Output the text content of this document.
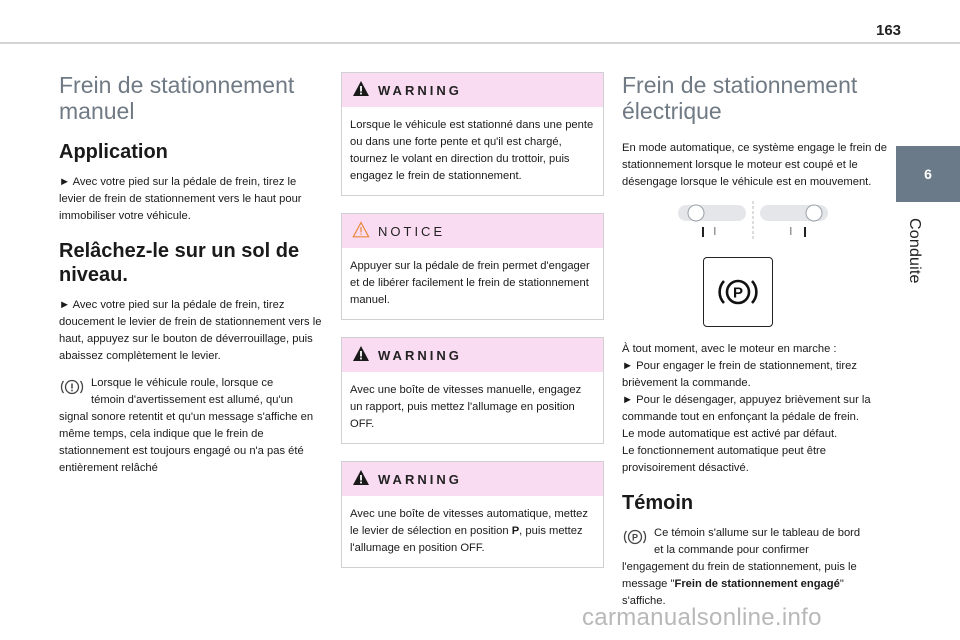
163
6
Conduite
Frein de stationnement manuel
Application

► Avec votre pied sur la pédale de frein, tirez le levier de frein de stationnement vers le haut pour immobiliser votre véhicule.

Relâchez-le sur un sol de niveau.

► Avec votre pied sur la pédale de frein, tirez doucement le levier de frein de stationnement vers le haut, appuyez sur le bouton de déverrouillage, puis abaissez complètement le levier.

Lorsque le véhicule roule, lorsque ce
témoin d'avertissement est allumé, qu'un

signal sonore retentit et qu'un message s'affiche en même temps, cela indique que le frein de stationnement est toujours engagé ou n'a pas été entièrement relâché

WARNING
Lorsque le véhicule est stationné dans une pente ou dans une forte pente et qu'il est chargé, tournez le volant en direction du trottoir, puis engagez le frein de stationnement.
NOTICE
Appuyer sur la pédale de frein permet d'engager et de libérer facilement le frein de stationnement manuel.
WARNING
Avec une boîte de vitesses manuelle, engagez un rapport, puis mettez l'allumage en position OFF.
WARNING
Avec une boîte de vitesses automatique, mettez le levier de sélection en position P, puis mettez l'allumage en position OFF.
Frein de stationnement électrique

En mode automatique, ce système engage le frein de stationnement lorsque le moteur est coupé et le désengage lorsque le véhicule est en mouvement.

P

À tout moment, avec le moteur en marche :

► Pour engager le frein de stationnement, tirez brièvement la commande.

► Pour le désengager, appuyez brièvement sur la commande tout en enfonçant la pédale de frein.

Le mode automatique est activé par défaut.

Le fonctionnement automatique peut être provisoirement désactivé.

Témoin
P Ce témoin s'allume sur le tableau de bord
et la commande pour confirmer

l'engagement du frein de stationnement, puis le message "Frein de stationnement engagé" s'affiche.

carmanualsonline.info
